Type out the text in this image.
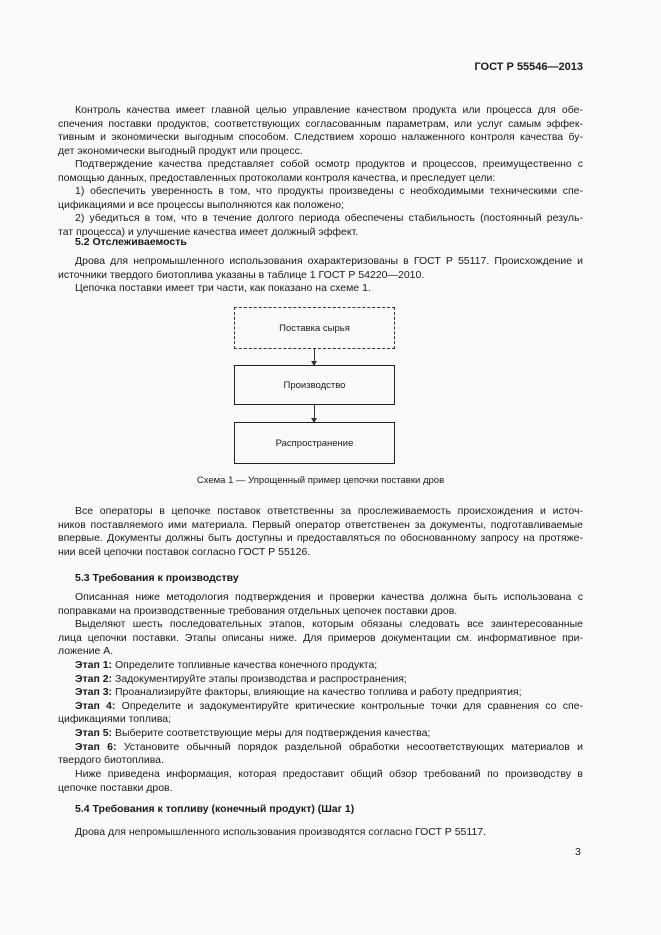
ГОСТ Р 55546—2013
Контроль качества имеет главной целью управление качеством продукта или процесса для обе-
спечения поставки продуктов, соответствующих согласованным параметрам, или услуг самым эффек-
тивным и экономически выгодным способом. Следствием хорошо налаженного контроля качества бу-
дет экономически выгодный продукт или процесс.
Подтверждение качества представляет собой осмотр продуктов и процессов, преимущественно с
помощью данных, предоставленных протоколами контроля качества, и преследует цели:
1) обеспечить уверенность в том, что продукты произведены с необходимыми техническими спе-
цификациями и все процессы выполняются как положено;
2) убедиться в том, что в течение долгого периода обеспечены стабильность (постоянный резуль-
тат процесса) и улучшение качества имеет должный эффект.
5.2 Отслеживаемость
Дрова для непромышленного использования охарактеризованы в ГОСТ Р 55117. Происхождение и
источники твердого биотоплива указаны в таблице 1 ГОСТ Р 54220—2010.
Цепочка поставки имеет три части, как показано на схеме 1.
Поставка сырья
Производство
Распространение
Схема 1 — Упрощенный пример цепочки поставки дров
Все операторы в цепочке поставок ответственны за прослеживаемость происхождения и источ-
ников поставляемого ими материала. Первый оператор ответственен за документы, подготавливаемые
впервые. Документы должны быть доступны и предоставляться по обоснованному запросу на протяже-
нии всей цепочки поставок согласно ГОСТ Р 55126.
5.3 Требования к производству
Описанная ниже методология подтверждения и проверки качества должна быть использована с
поправками на производственные требования отдельных цепочек поставки дров.
Выделяют шесть последовательных этапов, которым обязаны следовать все заинтересованные
лица цепочки поставки. Этапы описаны ниже. Для примеров документации см. информативное при-
ложение А.
Этап 1: Определите топливные качества конечного продукта;
Этап 2: Задокументируйте этапы производства и распространения;
Этап 3: Проанализируйте факторы, влияющие на качество топлива и работу предприятия;
Этап 4: Определите и задокументируйте критические контрольные точки для сравнения со спе-
цификациями топлива;
Этап 5: Выберите соответствующие меры для подтверждения качества;
Этап 6: Установите обычный порядок раздельной обработки несоответствующих материалов и
твердого биотоплива.
Ниже приведена информация, которая предоставит общий обзор требований по производству в
цепочке поставки дров.
5.4 Требования к топливу (конечный продукт) (Шаг 1)
Дрова для непромышленного использования производятся согласно ГОСТ Р 55117.
3
